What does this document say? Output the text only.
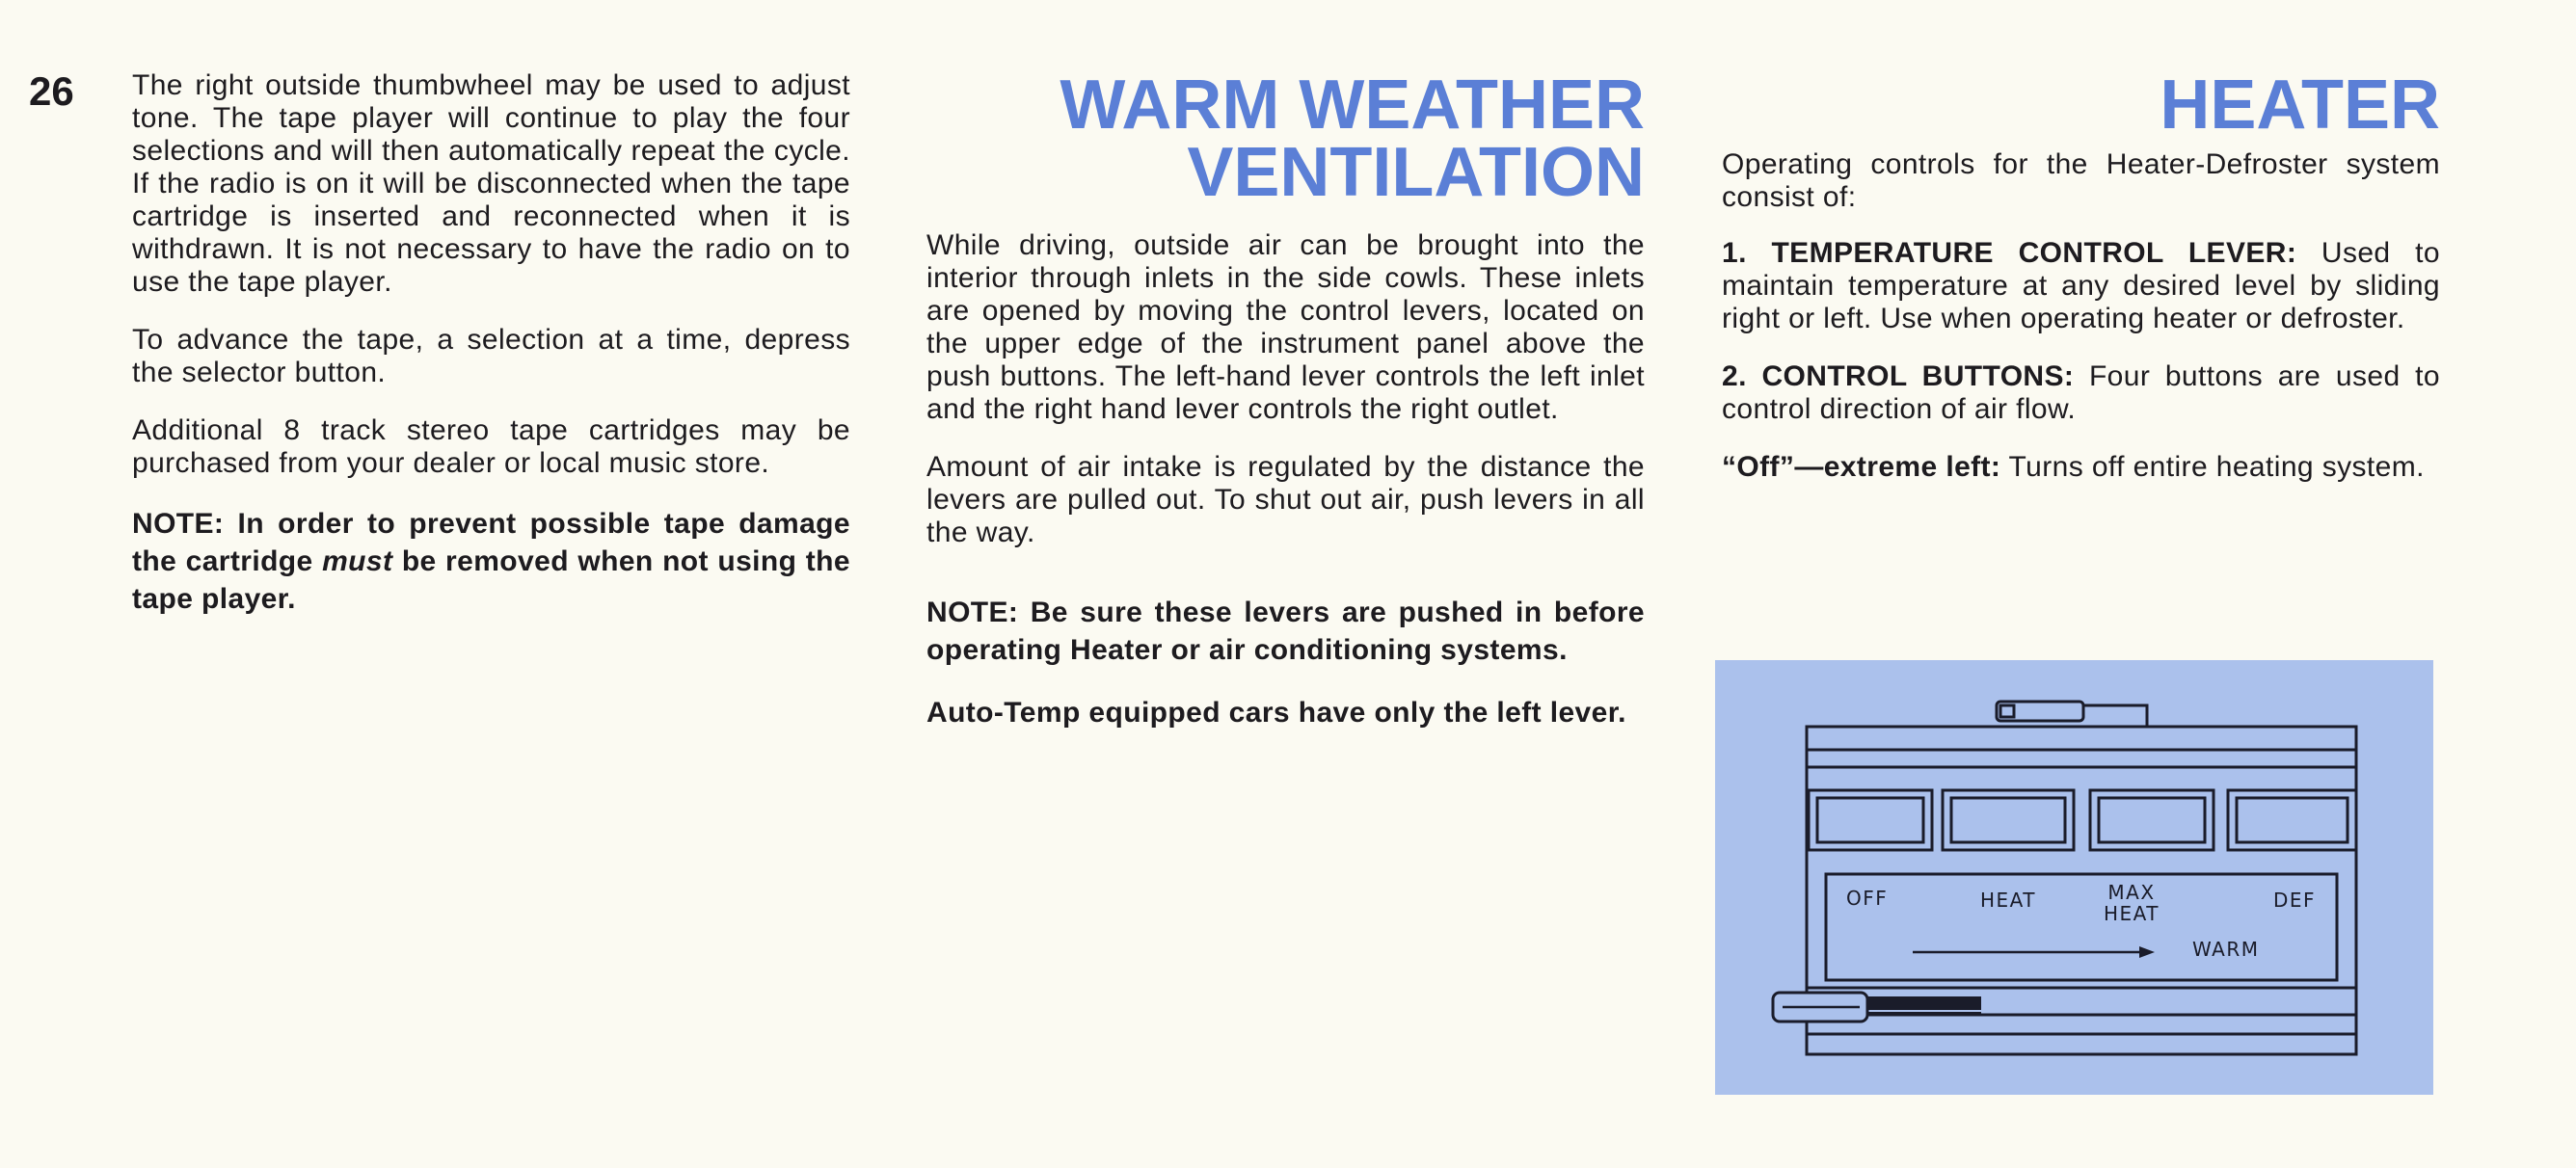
26 The right outside thumbwheel may be used to adjust tone. The tape player will continue to play the four selections and will then automatically repeat the cycle. If the radio is on it will be disconnected when the tape cartridge is inserted and reconnected when it is withdrawn. It is not necessary to have the radio on to use the tape player.

To advance the tape, a selection at a time, depress the selector button.

Additional 8 track stereo tape cartridges may be purchased from your dealer or local music store.

NOTE: In order to prevent possible tape damage the cartridge must be removed when not using the tape player.

WARM WEATHER
VENTILATION

While driving, outside air can be brought into the interior through inlets in the side cowls. These inlets are opened by moving the control levers, located on the upper edge of the instrument panel above the push buttons. The left-hand lever controls the left inlet and the right hand lever controls the right outlet.

Amount of air intake is regulated by the distance the levers are pulled out. To shut out air, push levers in all the way.

NOTE: Be sure these levers are pushed in before operating Heater or air conditioning systems.

Auto-Temp equipped cars have only the left lever.

HEATER

Operating controls for the Heater-Defroster system consist of:

1. TEMPERATURE CONTROL LEVER: Used to maintain temperature at any desired level by sliding right or left. Use when operating heater or defroster.

2. CONTROL BUTTONS: Four buttons are used to control direction of air flow.

“Off”—extreme left: Turns off entire heating system.

OFF	HEAT	MAX
HEAT
DEF
WARM
